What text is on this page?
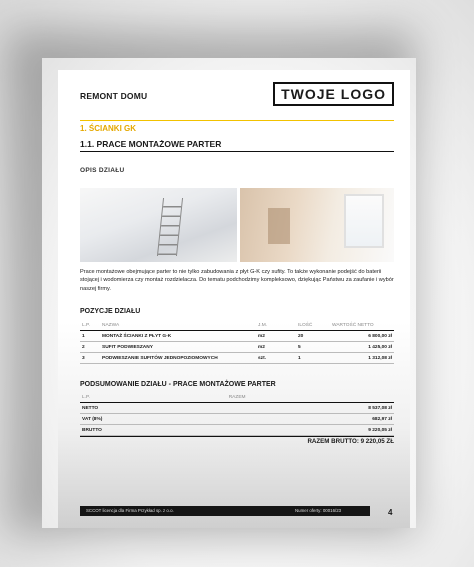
REMONT DOMU	TWOJE LOGO
1. ŚCIANKI GK
1.1. PRACE MONTAŻOWE PARTER
OPIS DZIAŁU
Prace montażowe obejmujące parter to nie tylko zabudowania z płyt G-K czy sufity. To także wykonanie podejść do baterii stojącej i wodomierza czy montaż rozdzielacza. Do tematu podchodzimy kompleksowo, dziękując Państwu za zaufanie i wybór naszej firmy.
POZYCJE DZIAŁU
L.P.	NAZWA	J.M.	ILOŚĆ	WARTOŚĆ NETTO
1	MONTAŻ ŚCIANKI Z PŁYT G-K	m2	20	6 800,00 zł
2	SUFIT PODWIESZANY	m2	5	1 425,00 zł
3	PODWIESZANIE SUFITÓW JEDNOPOZIOMOWYCH	szt.	1	1 312,08 zł
PODSUMOWANIE DZIAŁU - PRACE MONTAŻOWE PARTER
L.P.	RAZEM
NETTO	8 537,08 zł
VAT (8%)	682,97 zł
BRUTTO	9 220,05 zł
RAZEM BRUTTO: 9 220,05 ZŁ
SCCOT licencja dla Firma Przykład sp. z o.o.	Numer oferty: 00016/23	4
